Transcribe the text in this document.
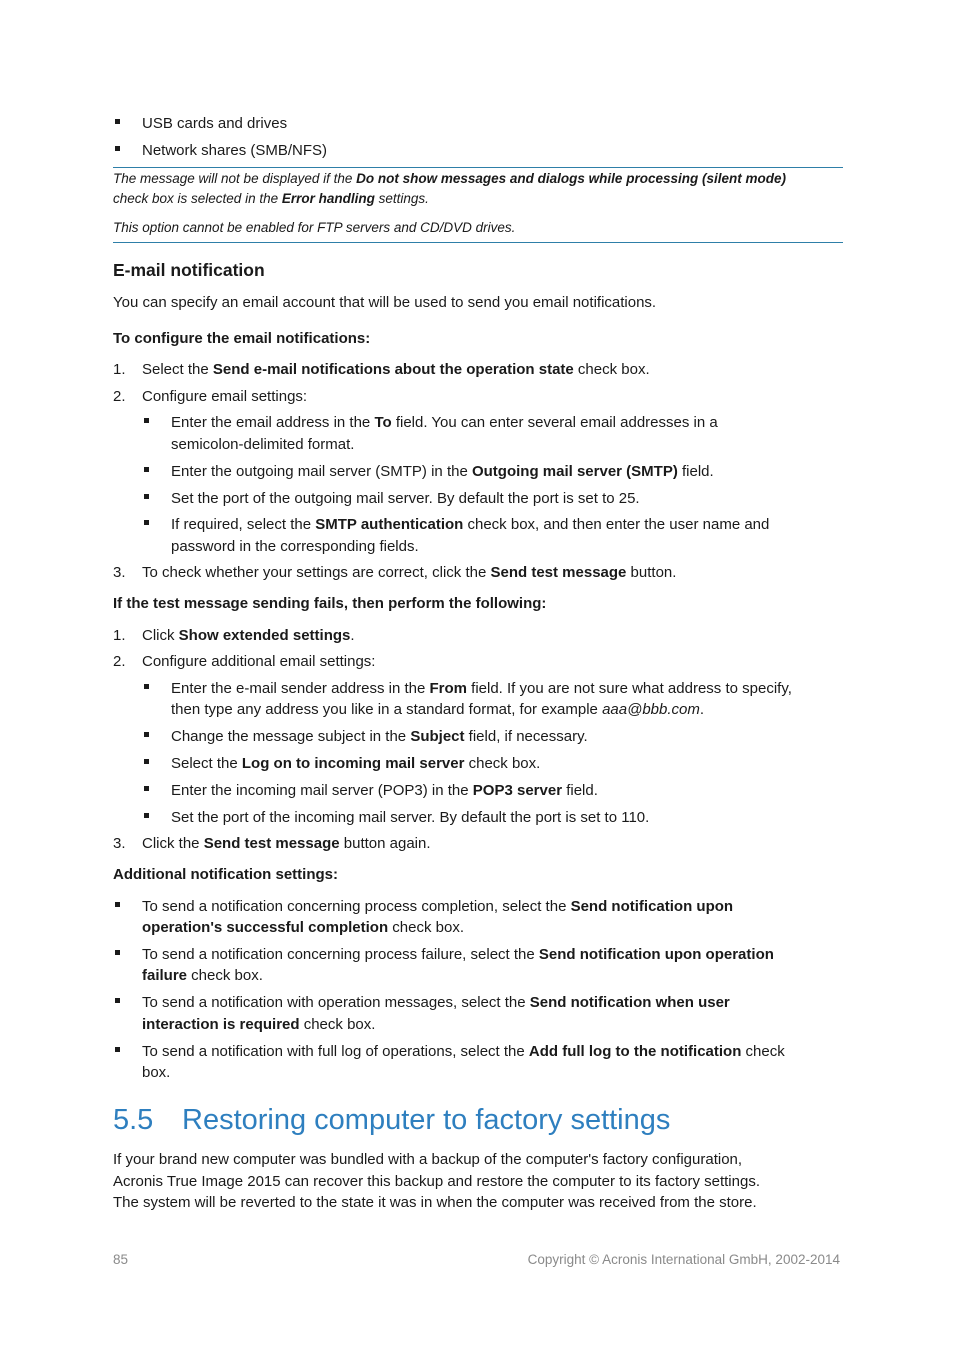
USB cards and drives
Network shares (SMB/NFS)
The message will not be displayed if the Do not show messages and dialogs while processing (silent mode)
check box is selected in the Error handling settings.
This option cannot be enabled for FTP servers and CD/DVD drives.
E-mail notification
You can specify an email account that will be used to send you email notifications.
To configure the email notifications:
1. Select the Send e-mail notifications about the operation state check box.
2. Configure email settings:
Enter the email address in the To field. You can enter several email addresses in a
semicolon-delimited format.
Enter the outgoing mail server (SMTP) in the Outgoing mail server (SMTP) field.
Set the port of the outgoing mail server. By default the port is set to 25.
If required, select the SMTP authentication check box, and then enter the user name and
password in the corresponding fields.
3. To check whether your settings are correct, click the Send test message button.
If the test message sending fails, then perform the following:
1. Click Show extended settings.
2. Configure additional email settings:
Enter the e-mail sender address in the From field. If you are not sure what address to specify,
then type any address you like in a standard format, for example aaa@bbb.com.
Change the message subject in the Subject field, if necessary.
Select the Log on to incoming mail server check box.
Enter the incoming mail server (POP3) in the POP3 server field.
Set the port of the incoming mail server. By default the port is set to 110.
3. Click the Send test message button again.
Additional notification settings:
To send a notification concerning process completion, select the Send notification upon
operation's successful completion check box.
To send a notification concerning process failure, select the Send notification upon operation
failure check box.
To send a notification with operation messages, select the Send notification when user
interaction is required check box.
To send a notification with full log of operations, select the Add full log to the notification check
box.
5.5 Restoring computer to factory settings
If your brand new computer was bundled with a backup of the computer's factory configuration,
Acronis True Image 2015 can recover this backup and restore the computer to its factory settings.
The system will be reverted to the state it was in when the computer was received from the store.
85	Copyright © Acronis International GmbH, 2002-2014
